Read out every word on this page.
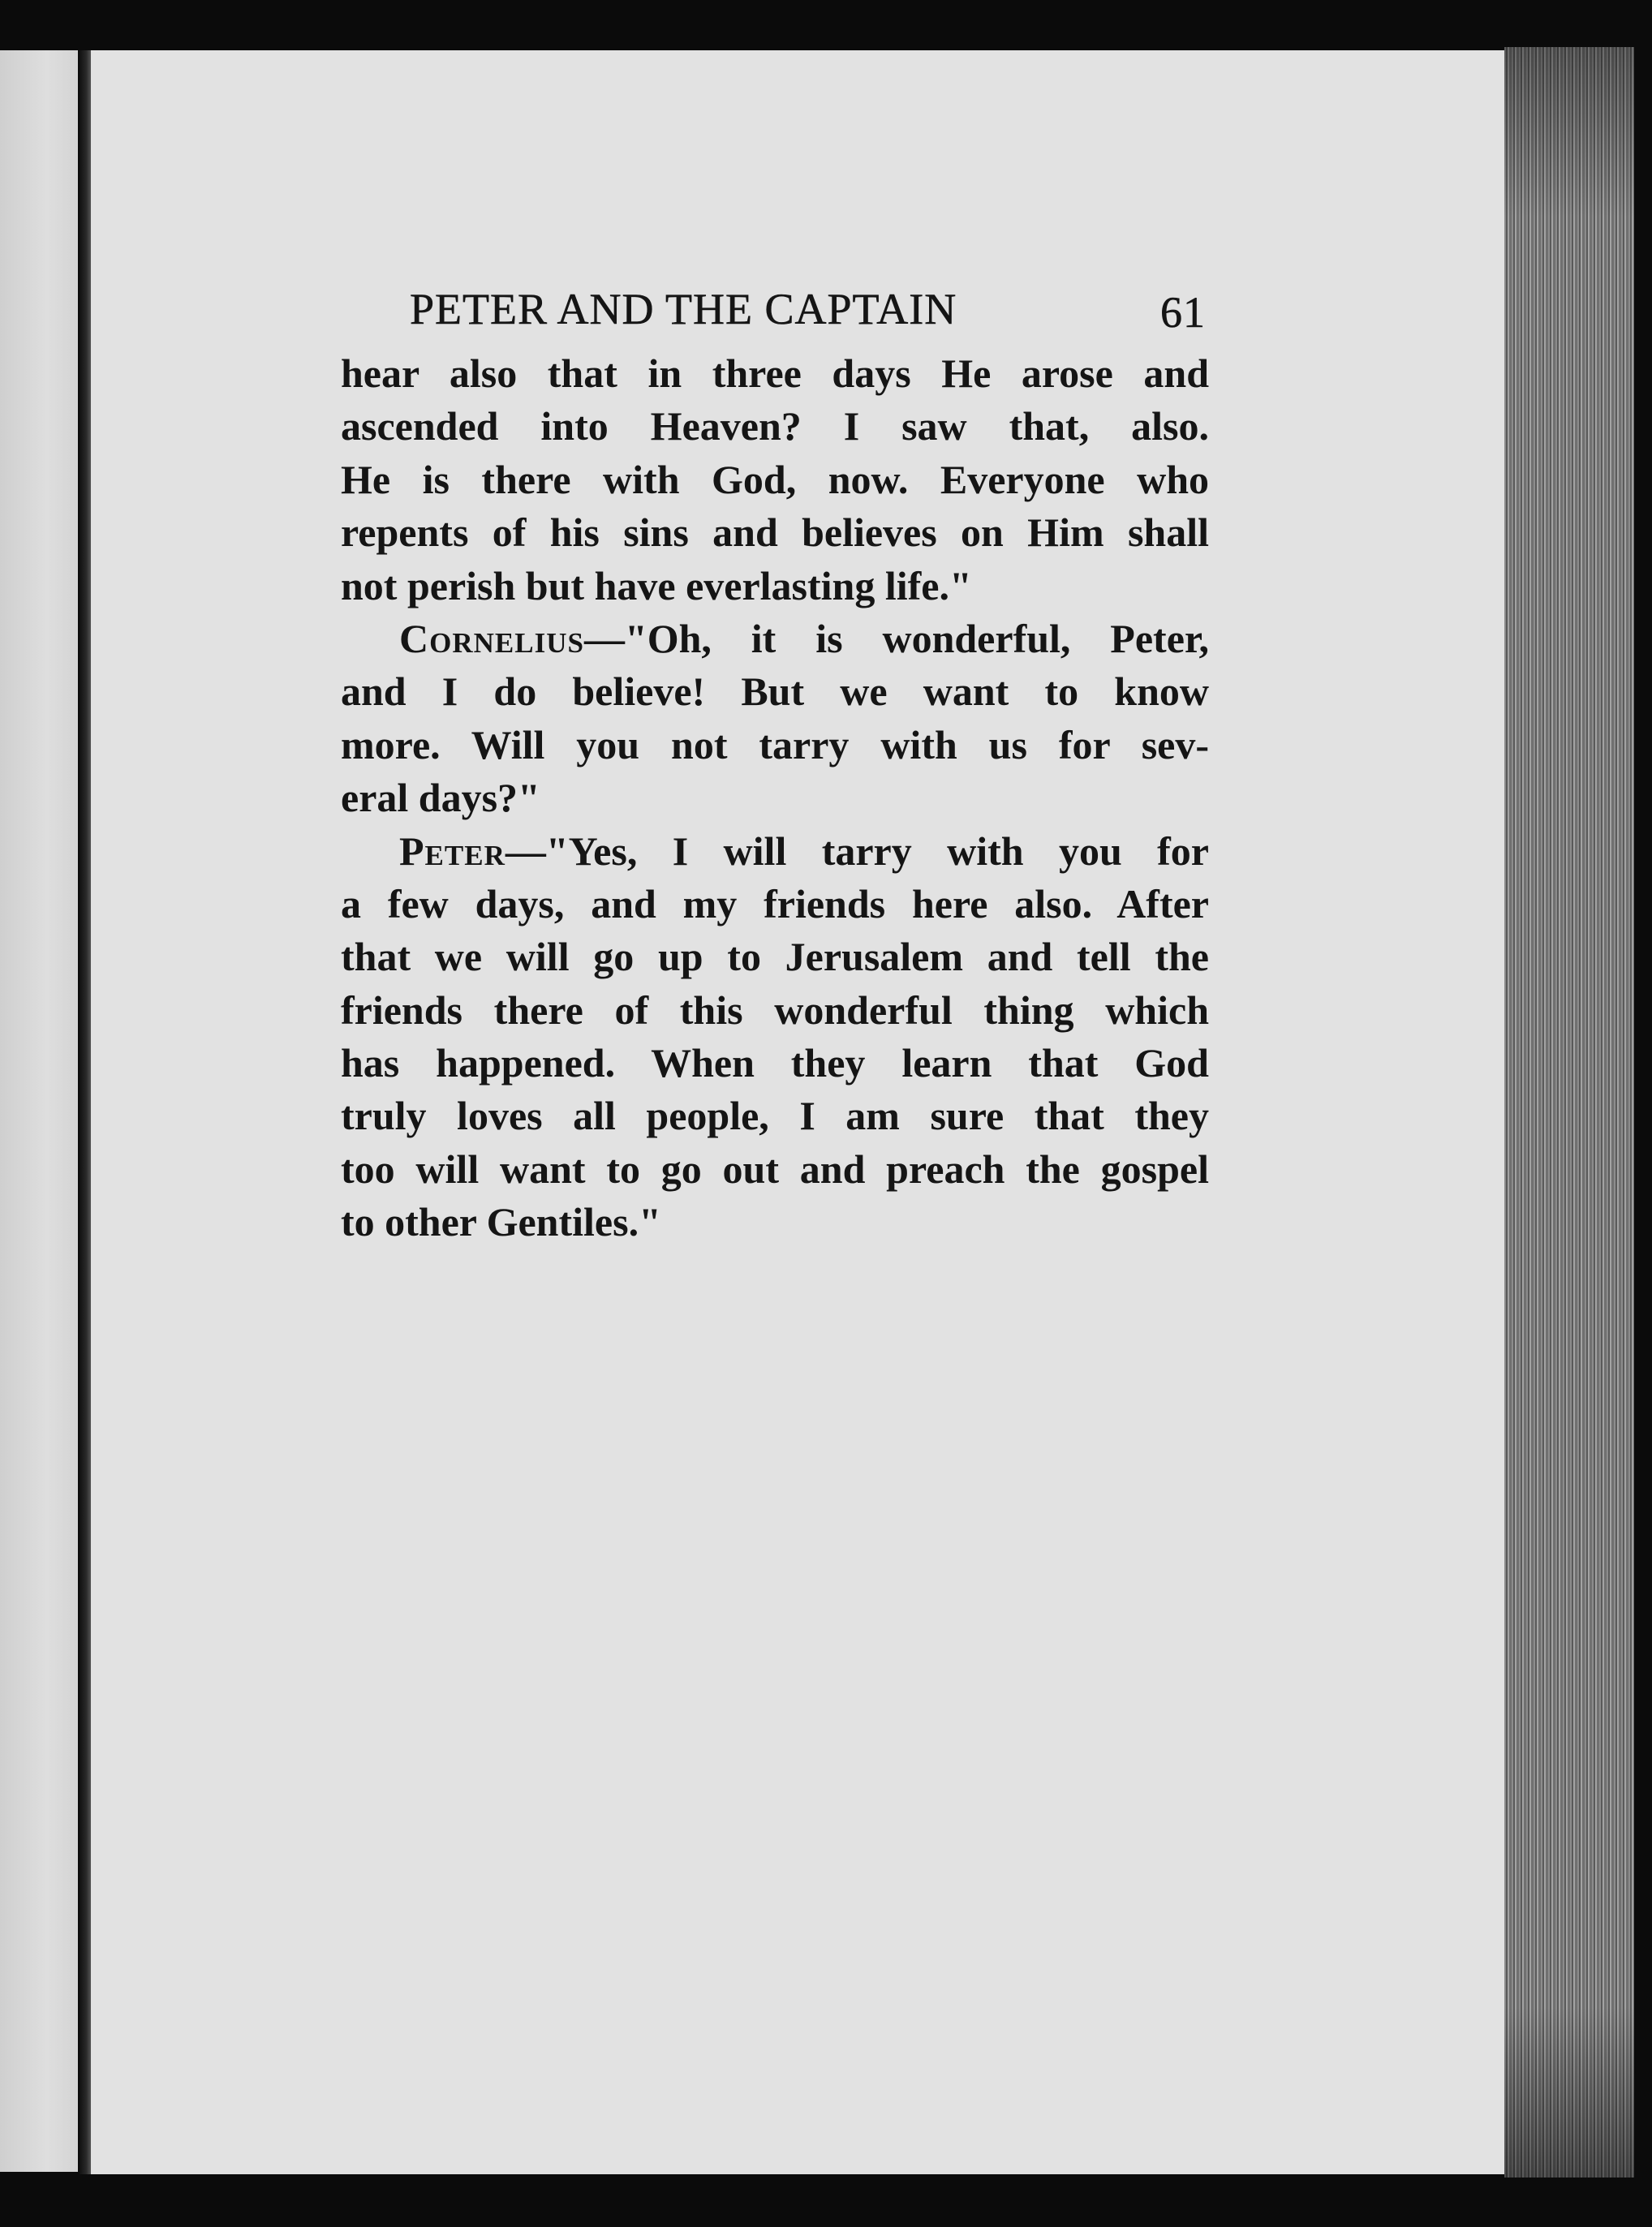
PETER AND THE CAPTAIN	61
hear also that in three days He arose and
ascended into Heaven? I saw that, also.
He is there with God, now. Everyone who
repents of his sins and believes on Him shall
not perish but have everlasting life."
Cornelius—"Oh, it is wonderful, Peter,
and I do believe! But we want to know
more. Will you not tarry with us for sev-
eral days?"
Peter—"Yes, I will tarry with you for
a few days, and my friends here also. After
that we will go up to Jerusalem and tell the
friends there of this wonderful thing which
has happened. When they learn that God
truly loves all people, I am sure that they
too will want to go out and preach the gospel
to other Gentiles."
